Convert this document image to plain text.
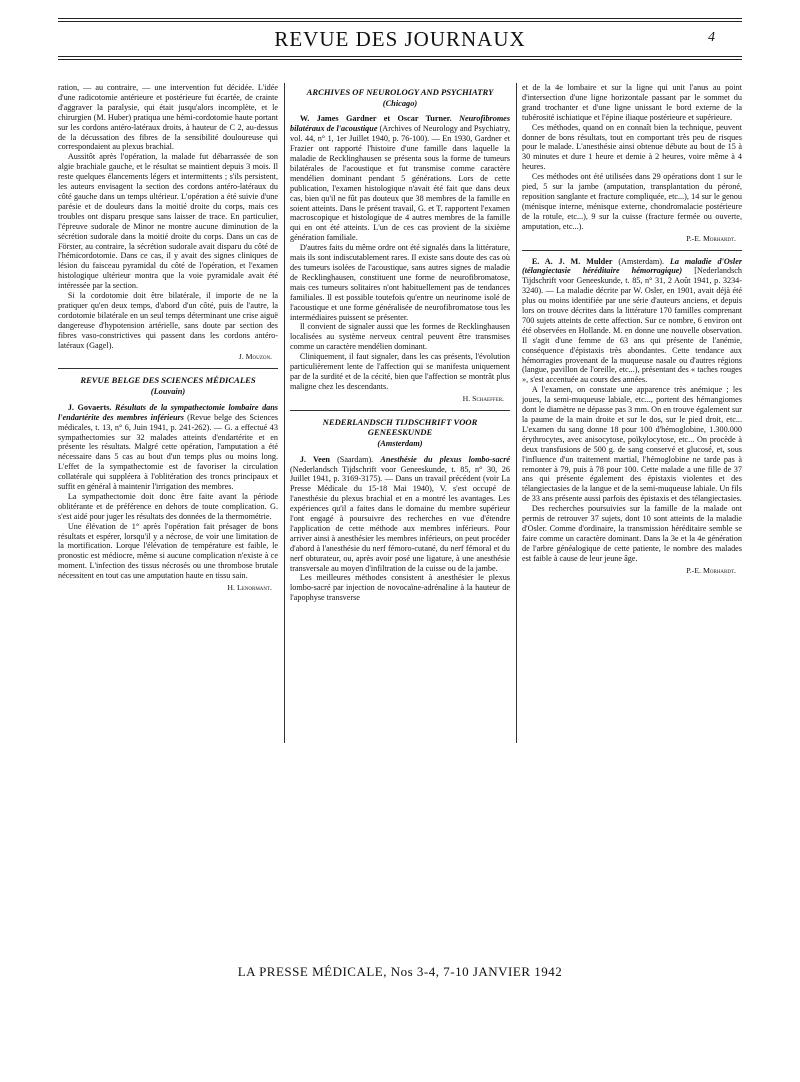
REVUE DES JOURNAUX	4

ration, — au contraire, — une intervention fut décidée. L'idée d'une radicotomie antérieure et postérieure fut écartée, de crainte d'aggraver la paralysie, qui était jusqu'alors incomplète, et le chirurgien (M. Huber) pratiqua une hémi-cordotomie haute portant sur les cordons antéro-latéraux droits, à hauteur de C 2, au-dessus de la décussation des fibres de la sensibilité douloureuse qui correspondaient au plexus brachial.

Aussitôt après l'opération, la malade fut débarrassée de son algie brachiale gauche, et le résultat se maintient depuis 3 mois. Il reste quelques élancements légers et intermittents ; s'ils persistent, les auteurs envisagent la section des cordons antéro-latéraux du côté gauche dans un temps ultérieur. L'opération a été suivie d'une parésie et de douleurs dans la moitié droite du corps, mais ces troubles ont disparu presque sans laisser de trace. En particulier, l'épreuve sudorale de Minor ne montre aucune diminution de la sécrétion sudorale dans la moitié droite du corps. Dans un cas de Förster, au contraire, la sécrétion sudorale avait disparu du côté de l'hémicordotomie. Dans ce cas, il y avait des signes cliniques de lésion du faisceau pyramidal du côté de l'opération, et l'examen histologique ultérieur montra que la voie pyramidale avait été intéressée par la section.

Si la cordotomie doit être bilatérale, il importe de ne la pratiquer qu'en deux temps, d'abord d'un côté, puis de l'autre, la cordotomie bilatérale en un seul temps déterminant une crise aiguë dangereuse d'hypotension artérielle, sans doute par section des fibres vaso-constrictives qui passent dans les cordons antéro-latéraux (Gagel).

J. Mouzon.
REVUE BELGE DES SCIENCES MÉDICALES
(Louvain)

J. Govaerts. Résultats de la sympathectomie lombaire dans l'endartérite des membres inférieurs (Revue belge des Sciences médicales, t. 13, n° 6, Juin 1941, p. 241-262). — G. a effectué 43 sympathectomies sur 32 malades atteints d'endartérite et en présente les résultats. Malgré cette opération, l'amputation a été nécessaire dans 5 cas au bout d'un temps plus ou moins long. L'effet de la sympathectomie est de favoriser la circulation collatérale qui suppléera à l'oblitération des troncs principaux et suffit en général à maintenir l'irrigation des membres.

La sympathectomie doit donc être faite avant la période oblitérante et de préférence en dehors de toute complication. G. s'est aidé pour juger les résultats des données de la thermométrie.

Une élévation de 1° après l'opération fait présager de bons résultats et espérer, lorsqu'il y a nécrose, de voir une limitation de la mortification. Lorque l'élévation de température est faible, le pronostic est médiocre, même si aucune complication n'existe à ce moment. L'infection des tissus nécrosés ou une thrombose brutale nécessitent en tout cas une amputation haute en tissu sain.

H. Lenormant.
ARCHIVES OF NEUROLOGY AND PSYCHIATRY
(Chicago)

W. James Gardner et Oscar Turner. Neurofibromes bilatéraux de l'acoustique (Archives of Neurology and Psychiatry, vol. 44, n° 1, 1er Juillet 1940, p. 76-100). — En 1930, Gardner et Frazier ont rapporté l'histoire d'une famille dans laquelle la maladie de Recklinghausen se présenta sous la forme de tumeurs bilatérales de l'acoustique et fut transmise comme caractère mendélien dominant pendant 5 générations. Lors de cette publication, l'examen histologique n'avait été fait que dans deux cas, bien qu'il ne fût pas douteux que 38 membres de la famille en soient atteints. Dans le présent travail, G. et T. rapportent l'examen macroscopique et histologique de 4 autres membres de la famille qui en ont été atteints. L'un de ces cas provient de la sixième génération familiale.

D'autres faits du même ordre ont été signalés dans la littérature, mais ils sont indiscutablement rares. Il existe sans doute des cas où des tumeurs isolées de l'acoustique, sans autres signes de maladie de Recklinghausen, constituent une forme de neurofibromatose, mais ces tumeurs solitaires n'ont habituellement pas de tendances familiales. Il est possible toutefois qu'entre un neurinome isolé de l'acoustique et une forme généralisée de neurofibromatose tous les intermédiaires puissent se présenter.

Il convient de signaler aussi que les formes de Recklinghausen localisées au système nerveux central peuvent être transmises comme un caractère mendélien dominant.

Cliniquement, il faut signaler, dans les cas présents, l'évolution particulièrement lente de l'affection qui se manifesta uniquement par de la surdité et de la cécité, bien que l'affection se montrât plus maligne chez les descendants.

H. Schaeffer.
NEDERLANDSCH TIJDSCHRIFT VOOR GENEESKUNDE
(Amsterdam)

J. Veen (Saardam). Anesthésie du plexus lombo-sacré (Nederlandsch Tijdschrift voor Geneeskunde, t. 85, n° 30, 26 Juillet 1941, p. 3169-3175). — Dans un travail précédent (voir La Presse Médicale du 15-18 Mai 1940), V. s'est occupé de l'anesthésie du plexus brachial et en a montré les avantages. Les expériences qu'il a faites dans le domaine du membre supérieur l'ont engagé à poursuivre des recherches en vue d'étendre l'application de cette méthode aux membres inférieurs. Pour arriver ainsi à anesthésier les membres inférieurs, on peut procéder d'abord à l'anesthésie du nerf fémoro-cutané, du nerf fémoral et du nerf obturateur, ou, après avoir posé une ligature, à une anesthésie transversale au moyen d'infiltration de la cuisse ou de la jambe.

Les meilleures méthodes consistent à anesthésier le plexus lombo-sacré par injection de novocaïne-adrénaline à la hauteur de l'apophyse transverse

et de la 4e lombaire et sur la ligne qui unit l'anus au point d'intersection d'une ligne horizontale passant par le sommet du grand trochanter et d'une ligne unissant le bord externe de la tubérosité ischiatique et l'épine iliaque postérieure et supérieure.

Ces méthodes, quand on en connaît bien la technique, peuvent donner de bons résultats, tout en comportant très peu de risques pour le malade. L'anesthésie ainsi obtenue débute au bout de 15 à 30 minutes et dure 1 heure et demie à 2 heures, voire même à 4 heures.

Ces méthodes ont été utilisées dans 29 opérations dont 1 sur le pied, 5 sur la jambe (amputation, transplantation du péroné, reposition sanglante et fracture compliquée, etc...), 14 sur le genou (ménisque interne, ménisque externe, chondromalacie postérieure de la rotule, etc...), 9 sur la cuisse (fracture fermée ou ouverte, amputation, etc...).

P.-E. Morhardt.

E. A. J. M. Mulder (Amsterdam). La maladie d'Osler (télangiectasie héréditaire hémorragique) [Nederlandsch Tijdschrift voor Geneeskunde, t. 85, n° 31, 2 Août 1941, p. 3234-3240). — La maladie décrite par W. Osler, en 1901, avait déjà été plus ou moins identifiée par une série d'auteurs anciens, et depuis lors on trouve décrites dans la littérature 170 familles comprenant 700 sujets atteints de cette affection. Sur ce nombre, 6 environ ont été observées en Hollande. M. en donne une nouvelle observation. Il s'agit d'une femme de 63 ans qui présente de l'anémie, conséquence d'épistaxis très abondantes. Cette tendance aux hémorragies provenant de la muqueuse nasale ou d'autres régions (langue, pavillon de l'oreille, etc...), présentant des « taches rouges », s'est accentuée au cours des années.

A l'examen, on constate une apparence très anémique ; les joues, la semi-muqueuse labiale, etc..., portent des hémangiomes dont le diamètre ne dépasse pas 3 mm. On en trouve également sur la paume de la main droite et sur le dos, sur le pied droit, etc... L'examen du sang donne 18 pour 100 d'hémoglobine, 1.300.000 érythrocytes, avec anisocytose, poïkylocytose, etc... On procède à deux transfusions de 500 g. de sang conservé et glucosé, et, sous l'influence d'un traitement martial, l'hémoglobine ne tarde pas à remonter à 79, puis à 78 pour 100. Cette malade a une fille de 37 ans qui présente également des épistaxis violentes et des télangiectasies de la langue et de la semi-muqueuse labiale. Un fils de 33 ans présente aussi parfois des épistaxis et des télangiectasies.

Des recherches poursuivies sur la famille de la malade ont permis de retrouver 37 sujets, dont 10 sont atteints de la maladie d'Osler. Comme d'ordinaire, la transmission héréditaire semble se faire comme un caractère dominant. Dans la 3e et la 4e génération de l'arbre généalogique de cette patiente, le nombre des malades est faible à cause de leur jeune âge.

P.-E. Morhardt.
LA PRESSE MÉDICALE, Nos 3-4, 7-10 JANVIER 1942
